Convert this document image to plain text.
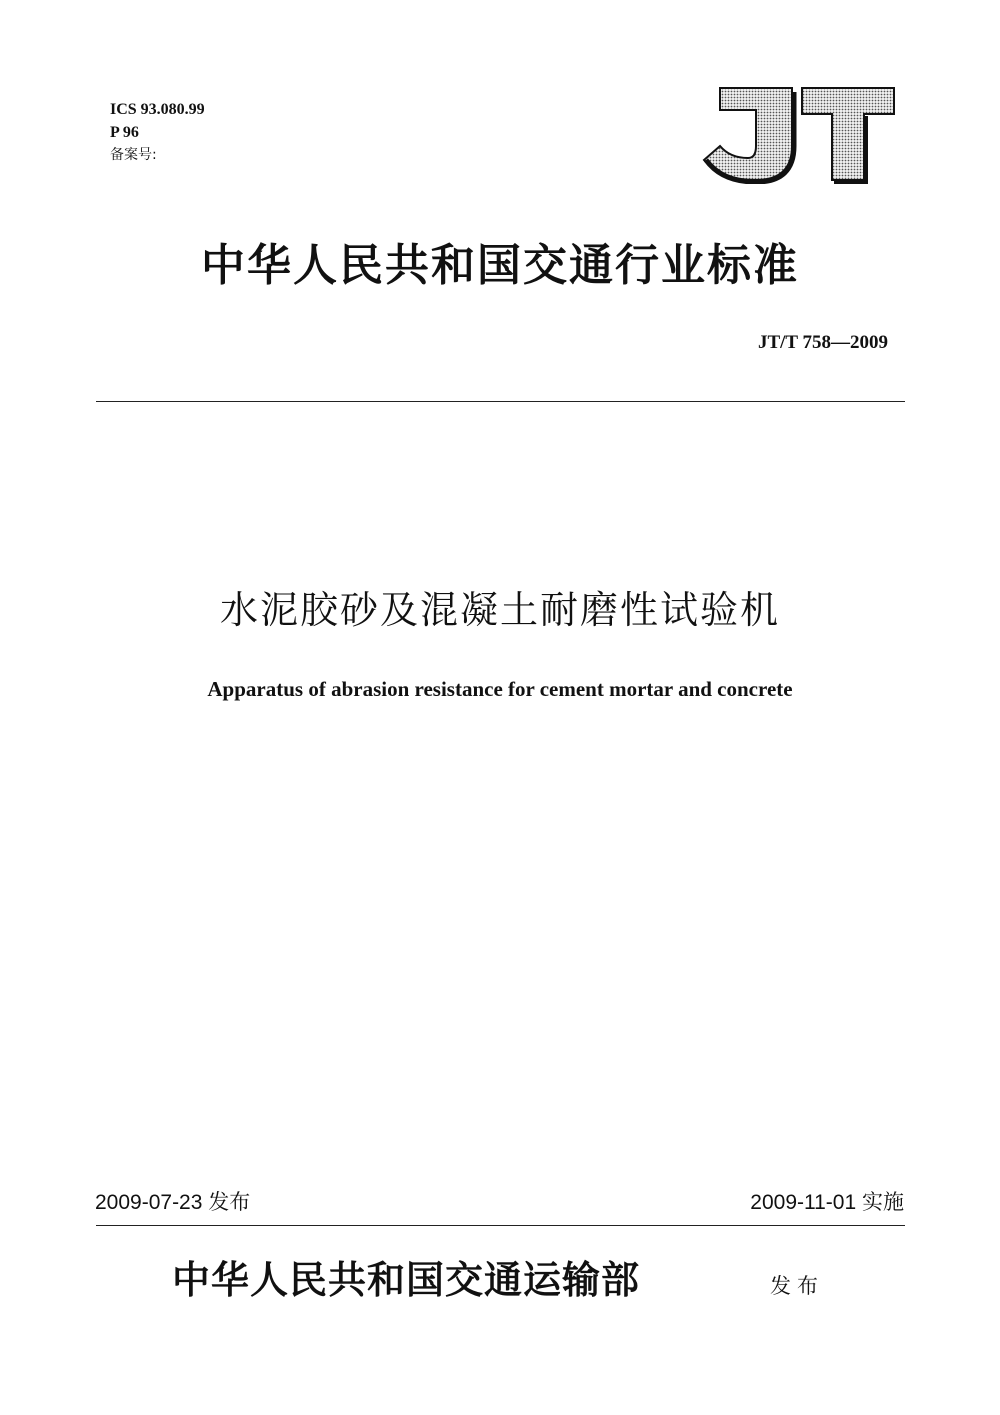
ICS 93.080.99
P 96
备案号:
中华人民共和国交通行业标准
JT/T 758—2009
水泥胶砂及混凝土耐磨性试验机
Apparatus of abrasion resistance for cement mortar and concrete
2009-07-23 发布	2009-11-01 实施
中华人民共和国交通运输部	发布
